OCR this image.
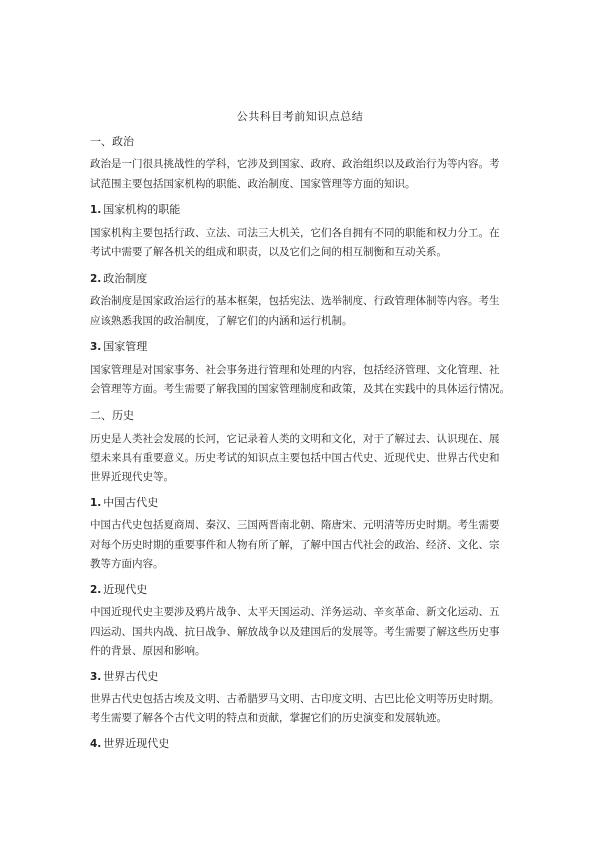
公共科目考前知识点总结
一、政治
政治是一门很具挑战性的学科，它涉及到国家、政府、政治组织以及政治行为等内容。考
试范围主要包括国家机构的职能、政治制度、国家管理等方面的知识。
1. 国家机构的职能
国家机构主要包括行政、立法、司法三大机关，它们各自拥有不同的职能和权力分工。在
考试中需要了解各机关的组成和职责，以及它们之间的相互制衡和互动关系。
2. 政治制度
政治制度是国家政治运行的基本框架，包括宪法、选举制度、行政管理体制等内容。考生
应该熟悉我国的政治制度，了解它们的内涵和运行机制。
3. 国家管理
国家管理是对国家事务、社会事务进行管理和处理的内容，包括经济管理、文化管理、社
会管理等方面。考生需要了解我国的国家管理制度和政策，及其在实践中的具体运行情况。
二、历史
历史是人类社会发展的长河，它记录着人类的文明和文化，对于了解过去、认识现在、展
望未来具有重要意义。历史考试的知识点主要包括中国古代史、近现代史、世界古代史和
世界近现代史等。
1. 中国古代史
中国古代史包括夏商周、秦汉、三国两晋南北朝、隋唐宋、元明清等历史时期。考生需要
对每个历史时期的重要事件和人物有所了解，了解中国古代社会的政治、经济、文化、宗
教等方面内容。
2. 近现代史
中国近现代史主要涉及鸦片战争、太平天国运动、洋务运动、辛亥革命、新文化运动、五
四运动、国共内战、抗日战争、解放战争以及建国后的发展等。考生需要了解这些历史事
件的背景、原因和影响。
3. 世界古代史
世界古代史包括古埃及文明、古希腊罗马文明、古印度文明、古巴比伦文明等历史时期。
考生需要了解各个古代文明的特点和贡献，掌握它们的历史演变和发展轨迹。
4. 世界近现代史
